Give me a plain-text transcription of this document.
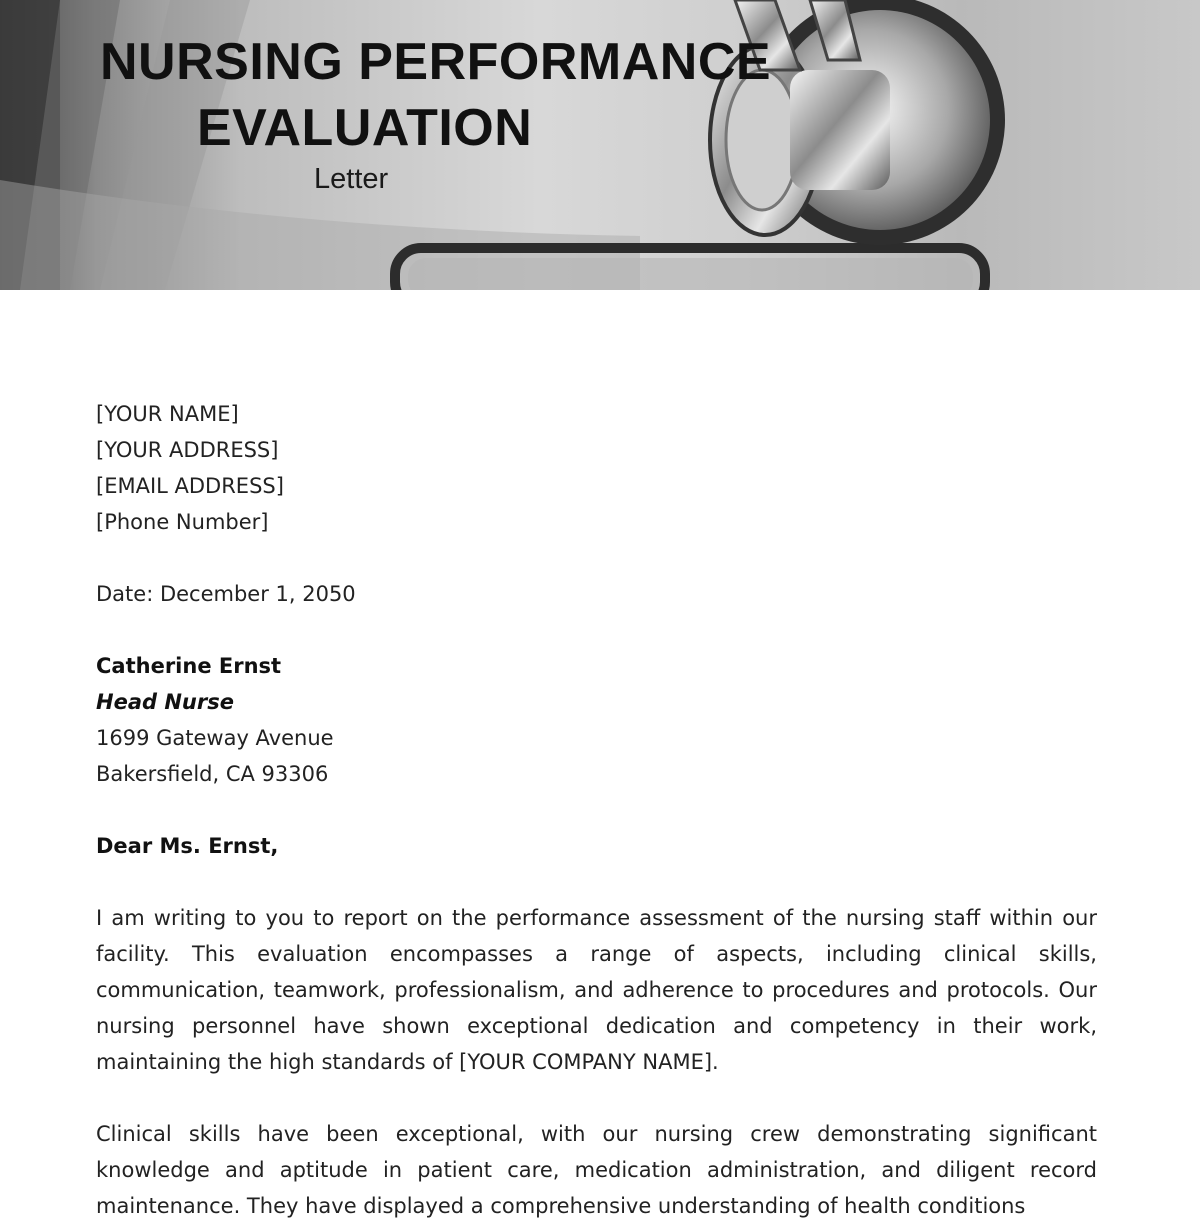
NURSING PERFORMANCE
EVALUATION
Letter
[YOUR NAME]
[YOUR ADDRESS]
[EMAIL ADDRESS]
[Phone Number]
Date: December 1, 2050
Catherine Ernst
Head Nurse
1699 Gateway Avenue
Bakersfield, CA 93306
Dear Ms. Ernst,

I am writing to you to report on the performance assessment of the nursing staff within our facility. This evaluation encompasses a range of aspects, including clinical skills, communication, teamwork, professionalism, and adherence to procedures and protocols. Our nursing personnel have shown exceptional dedication and competency in their work, maintaining the high standards of [YOUR COMPANY NAME].

Clinical skills have been exceptional, with our nursing crew demonstrating significant knowledge and aptitude in patient care, medication administration, and diligent record maintenance. They have displayed a comprehensive understanding of health conditions
